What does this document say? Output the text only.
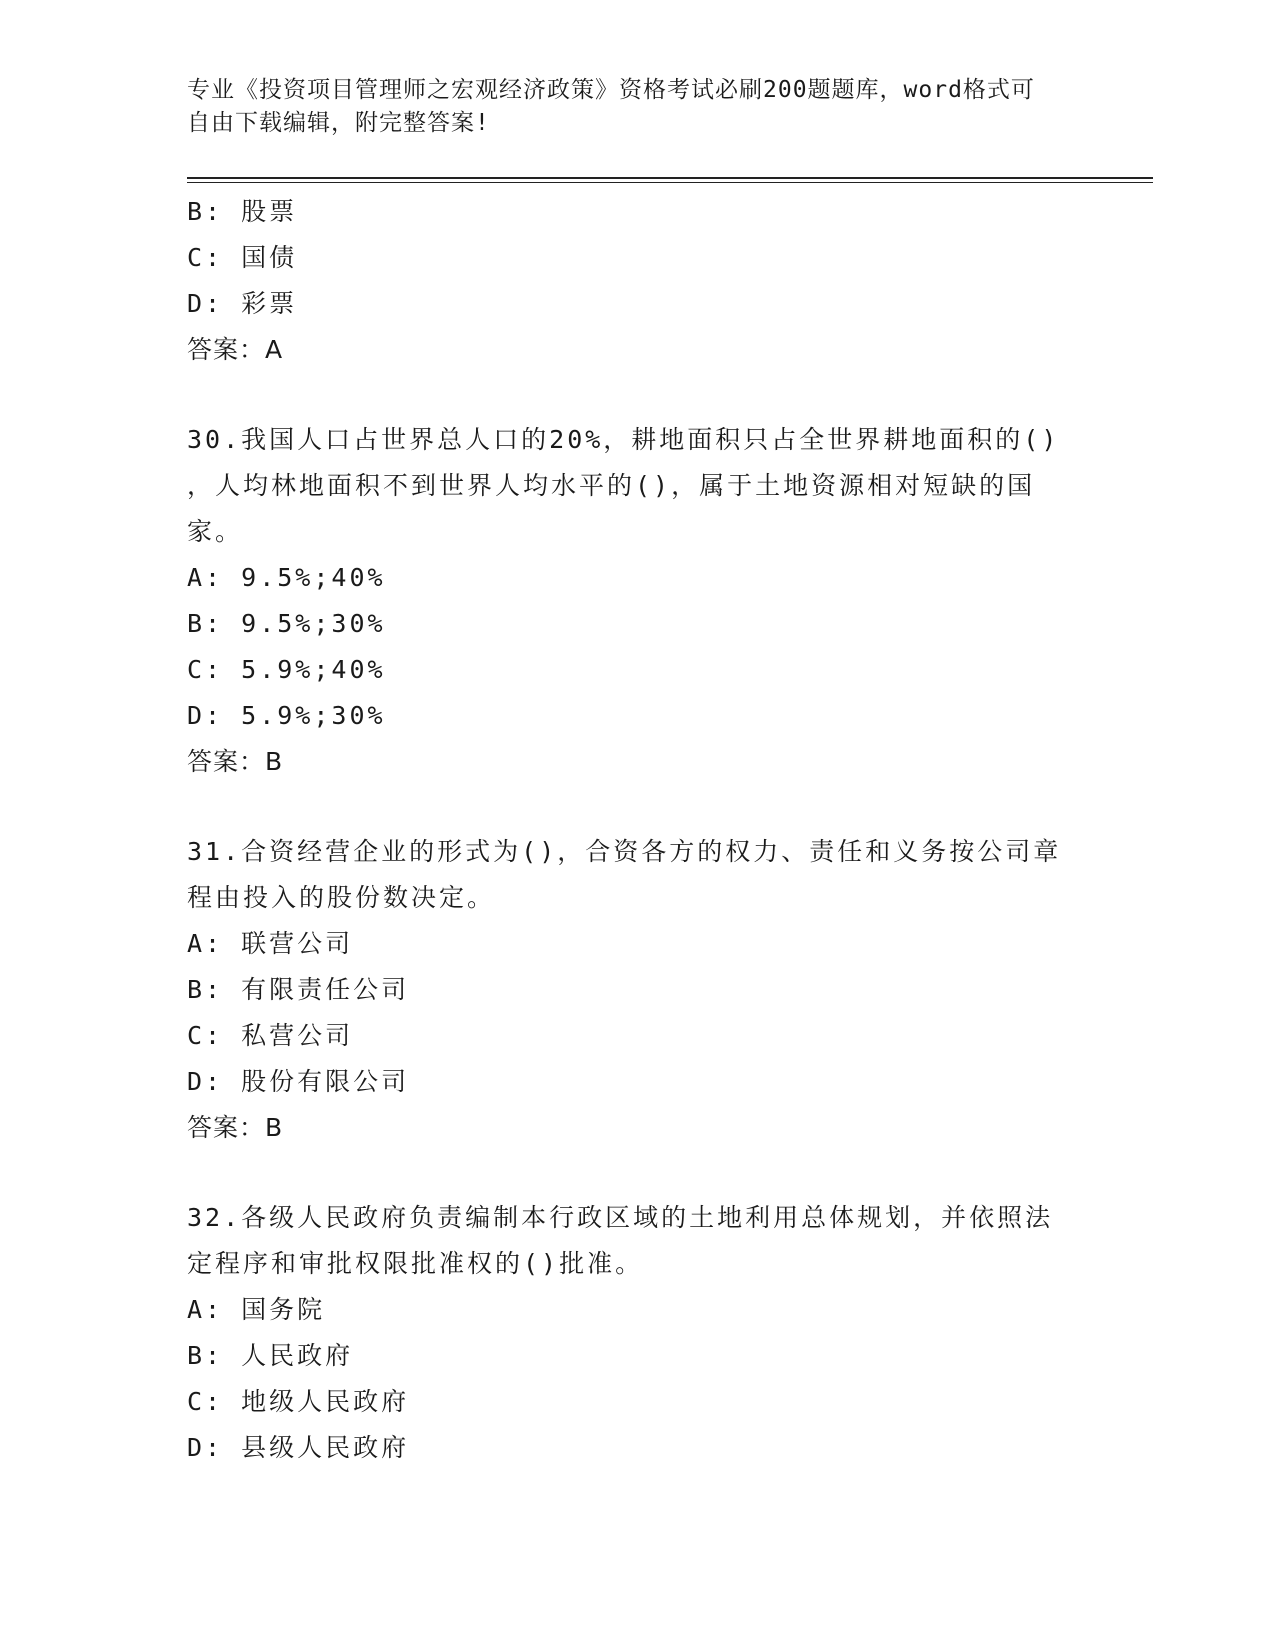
专业《投资项目管理师之宏观经济政策》资格考试必刷200题题库，word格式可
自由下载编辑，附完整答案!
B: 股票
C: 国债
D: 彩票
答案：A
30.我国人口占世界总人口的20%，耕地面积只占全世界耕地面积的()
，人均林地面积不到世界人均水平的()，属于土地资源相对短缺的国
家。
A: 9.5%;40%
B: 9.5%;30%
C: 5.9%;40%
D: 5.9%;30%
答案：B
31.合资经营企业的形式为()，合资各方的权力、责任和义务按公司章
程由投入的股份数决定。
A: 联营公司
B: 有限责任公司
C: 私营公司
D: 股份有限公司
答案：B
32.各级人民政府负责编制本行政区域的土地利用总体规划，并依照法
定程序和审批权限批准权的()批准。
A: 国务院
B: 人民政府
C: 地级人民政府
D: 县级人民政府
